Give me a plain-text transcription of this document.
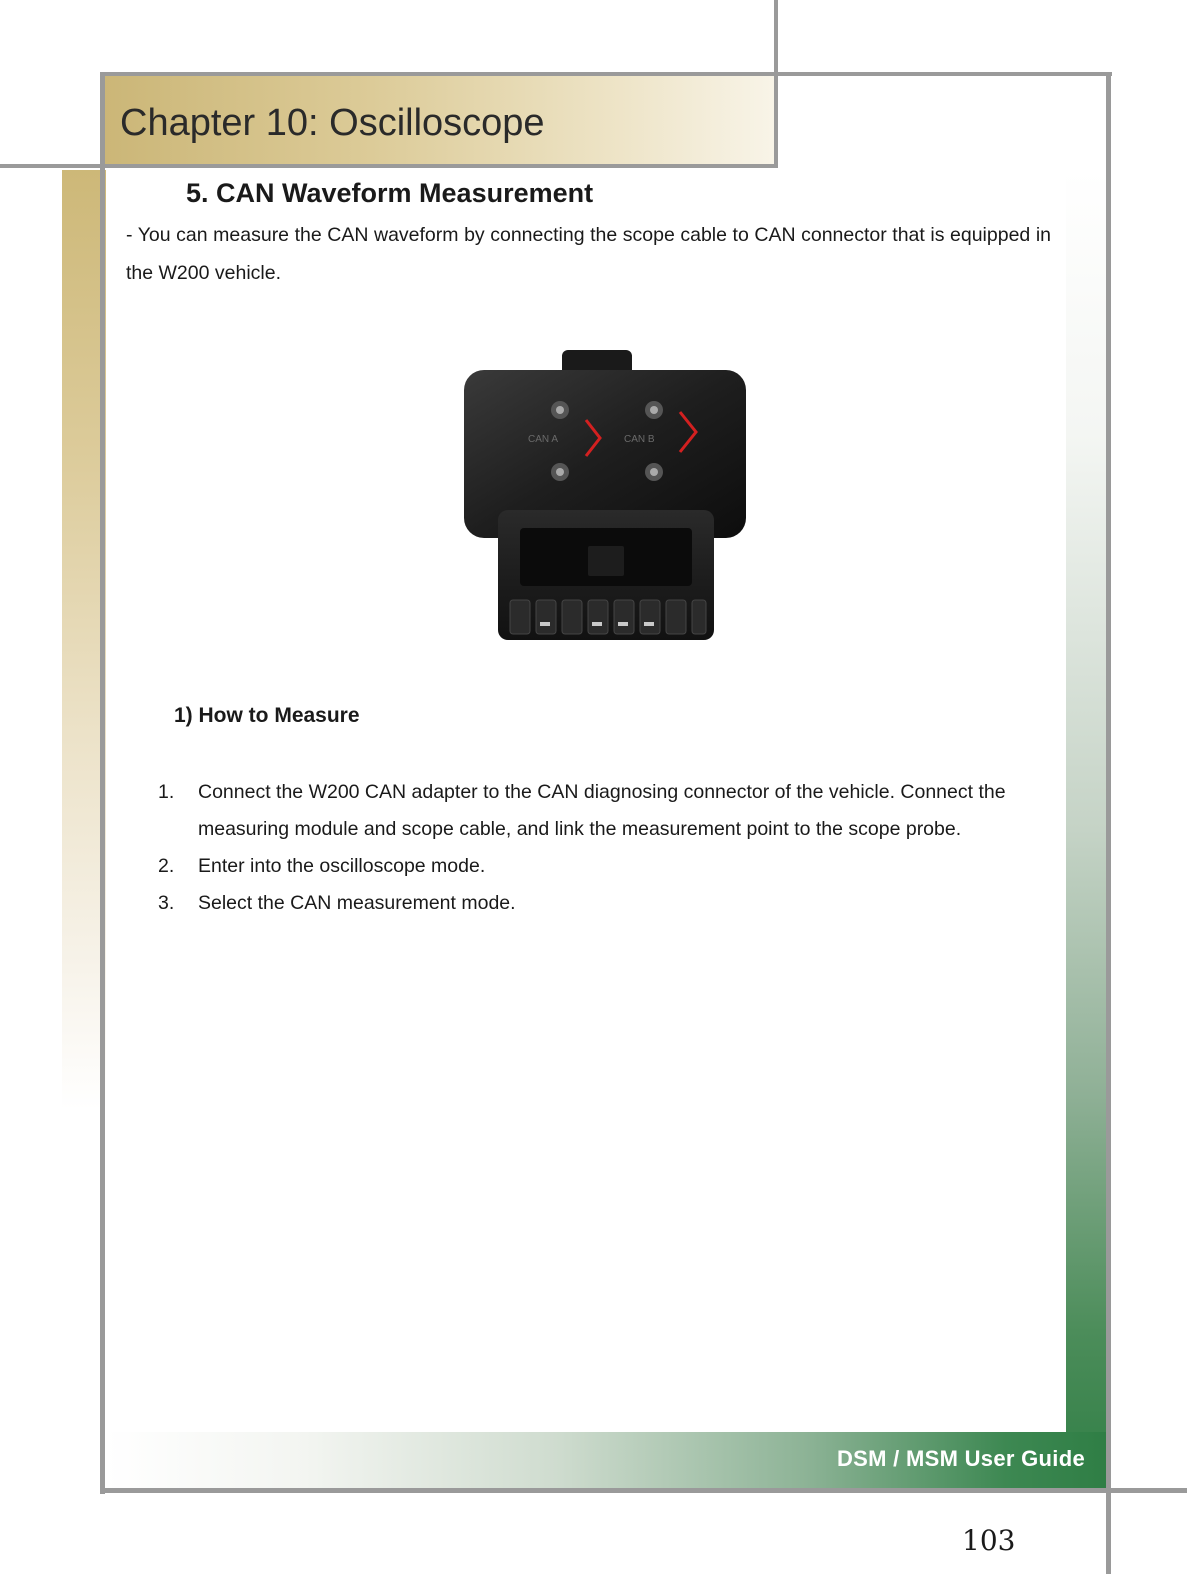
Chapter 10: Oscilloscope
5. CAN Waveform Measurement
- You can measure the CAN waveform by connecting the scope cable to CAN connector that is equipped in the W200 vehicle.
CAN A	CAN B
1) How to Measure
1. Connect the W200 CAN adapter to the CAN diagnosing connector of the vehicle. Connect the measuring module and scope cable, and link the measurement point to the scope probe.
2. Enter into the oscilloscope mode.
3. Select the CAN measurement mode.
DSM / MSM User Guide
103
